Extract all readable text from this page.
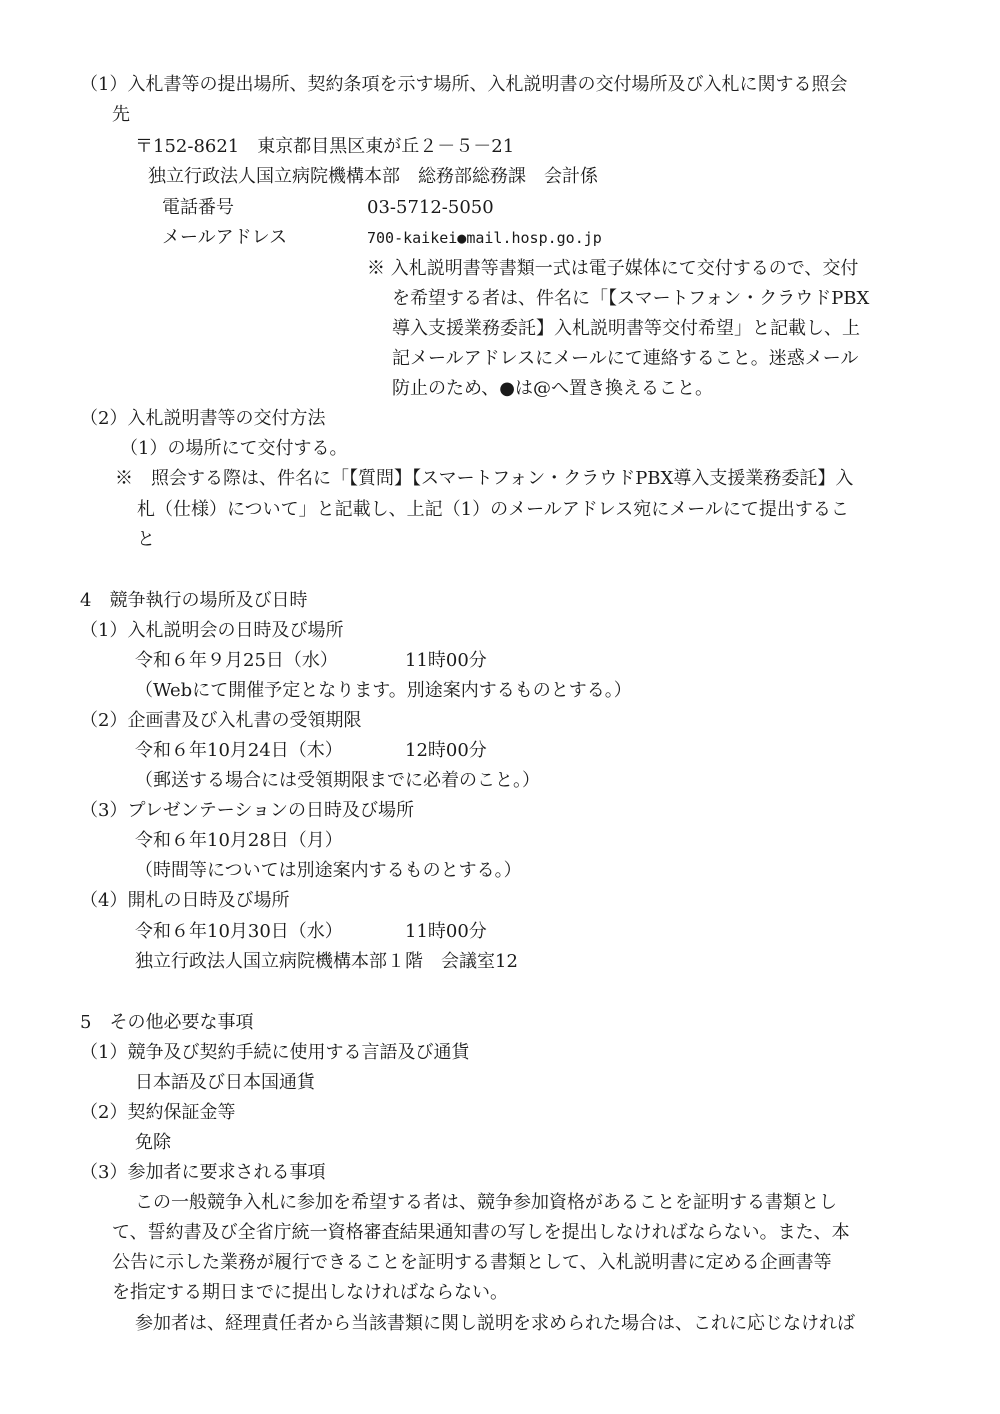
（1）入札書等の提出場所、契約条項を示す場所、入札説明書の交付場所及び入札に関する照会
先
〒152-8621　東京都目黒区東が丘２－５－21
独立行政法人国立病院機構本部　総務部総務課　会計係
電話番号	03-5712-5050
メールアドレス	700-kaikei●mail.hosp.go.jp
※ 入札説明書等書類一式は電子媒体にて交付するので、交付
を希望する者は、件名に「【スマートフォン・クラウドPBX
導入支援業務委託】入札説明書等交付希望」と記載し、上
記メールアドレスにメールにて連絡すること。迷惑メール
防止のため、●は@へ置き換えること。
（2）入札説明書等の交付方法
（1）の場所にて交付する。
※　照会する際は、件名に「【質問】【スマートフォン・クラウドPBX導入支援業務委託】入
札（仕様）について」と記載し、上記（1）のメールアドレス宛にメールにて提出するこ
と
4　競争執行の場所及び日時
（1）入札説明会の日時及び場所
令和６年９月25日（水）	11時00分
（Webにて開催予定となります。別途案内するものとする。）
（2）企画書及び入札書の受領期限
令和６年10月24日（木）	12時00分
（郵送する場合には受領期限までに必着のこと。）
（3）プレゼンテーションの日時及び場所
令和６年10月28日（月）
（時間等については別途案内するものとする。）
（4）開札の日時及び場所
令和６年10月30日（水）	11時00分
独立行政法人国立病院機構本部１階　会議室12
5　その他必要な事項
（1）競争及び契約手続に使用する言語及び通貨
日本語及び日本国通貨
（2）契約保証金等
免除
（3）参加者に要求される事項
この一般競争入札に参加を希望する者は、競争参加資格があることを証明する書類とし
て、誓約書及び全省庁統一資格審査結果通知書の写しを提出しなければならない。また、本
公告に示した業務が履行できることを証明する書類として、入札説明書に定める企画書等
を指定する期日までに提出しなければならない。
参加者は、経理責任者から当該書類に関し説明を求められた場合は、これに応じなければ
